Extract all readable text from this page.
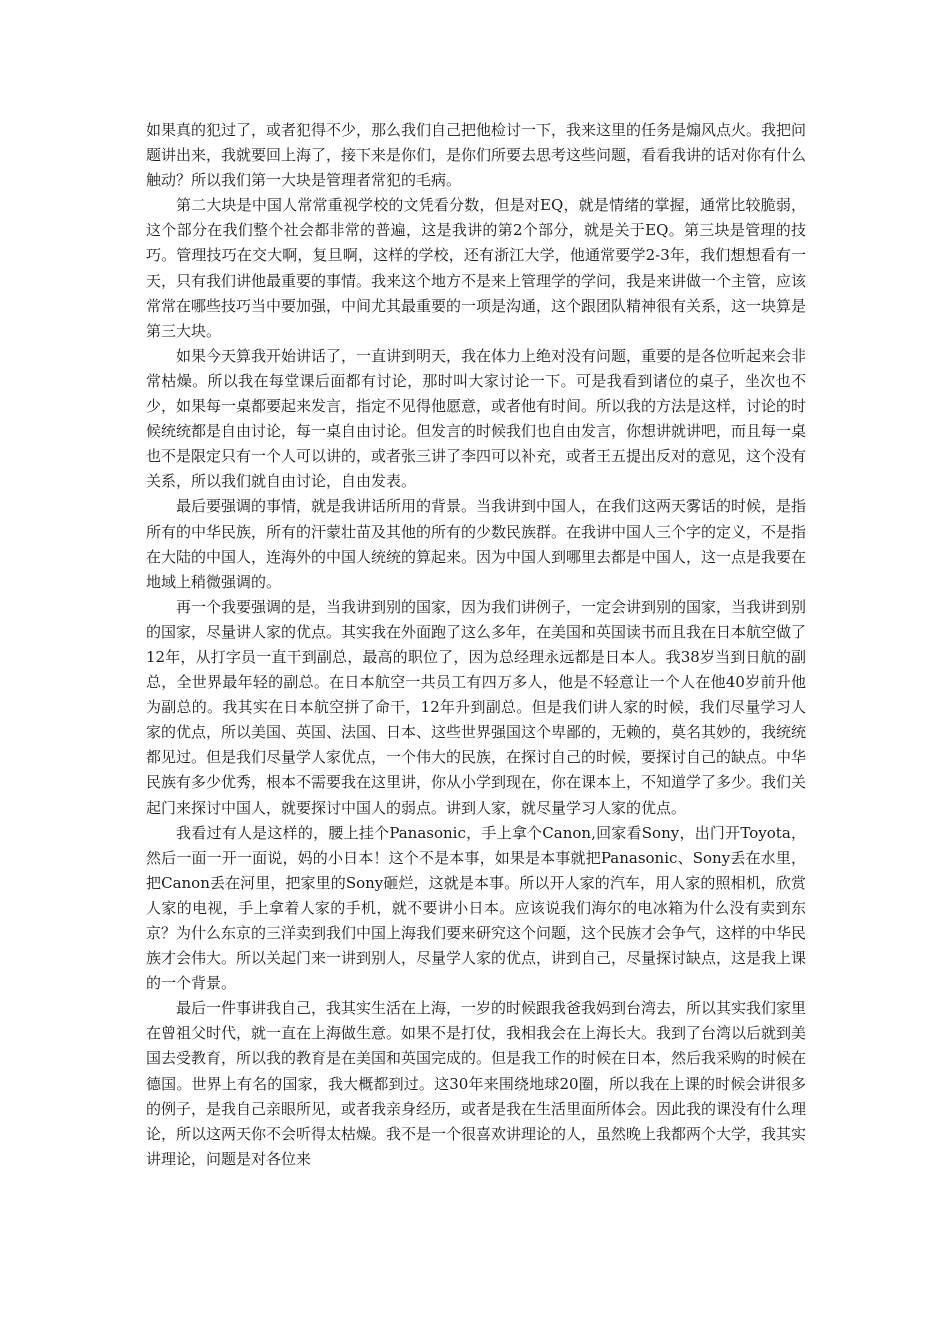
如果真的犯过了，或者犯得不少，那么我们自己把他检讨一下，我来这里的任务是煽风点火。我把问题讲出来，我就要回上海了，接下来是你们，是你们所要去思考这些问题，看看我讲的话对你有什么触动？所以我们第一大块是管理者常犯的毛病。

第二大块是中国人常常重视学校的文凭看分数，但是对EQ，就是情绪的掌握，通常比较脆弱，这个部分在我们整个社会都非常的普遍，这是我讲的第2个部分，就是关于EQ。第三块是管理的技巧。管理技巧在交大啊，复旦啊，这样的学校，还有浙江大学，他通常要学2-3年，我们想想看有一天，只有我们讲他最重要的事情。我来这个地方不是来上管理学的学问，我是来讲做一个主管，应该常常在哪些技巧当中要加强，中间尤其最重要的一项是沟通，这个跟团队精神很有关系，这一块算是第三大块。

如果今天算我开始讲话了，一直讲到明天，我在体力上绝对没有问题，重要的是各位听起来会非常枯燥。所以我在每堂课后面都有讨论，那时叫大家讨论一下。可是我看到诸位的桌子，坐次也不少，如果每一桌都要起来发言，指定不见得他愿意，或者他有时间。所以我的方法是这样，讨论的时候统统都是自由讨论，每一桌自由讨论。但发言的时候我们也自由发言，你想讲就讲吧，而且每一桌也不是限定只有一个人可以讲的，或者张三讲了李四可以补充，或者王五提出反对的意见，这个没有关系，所以我们就自由讨论，自由发表。

最后要强调的事情，就是我讲话所用的背景。当我讲到中国人，在我们这两天雾话的时候，是指所有的中华民族，所有的汗蒙壮苗及其他的所有的少数民族群。在我讲中国人三个字的定义，不是指在大陆的中国人，连海外的中国人统统的算起来。因为中国人到哪里去都是中国人，这一点是我要在地域上稍微强调的。

再一个我要强调的是，当我讲到别的国家，因为我们讲例子，一定会讲到别的国家，当我讲到别的国家，尽量讲人家的优点。其实我在外面跑了这么多年，在美国和英国读书而且我在日本航空做了12年，从打字员一直干到副总，最高的职位了，因为总经理永远都是日本人。我38岁当到日航的副总，全世界最年轻的副总。在日本航空一共员工有四万多人，他是不轻意让一个人在他40岁前升他为副总的。我其实在日本航空拼了命干，12年升到副总。但是我们讲人家的时候，我们尽量学习人家的优点，所以美国、英国、法国、日本、这些世界强国这个卑鄙的，无赖的，莫名其妙的，我统统都见过。但是我们尽量学人家优点，一个伟大的民族，在探讨自己的时候，要探讨自己的缺点。中华民族有多少优秀，根本不需要我在这里讲，你从小学到现在，你在课本上，不知道学了多少。我们关起门来探讨中国人，就要探讨中国人的弱点。讲到人家，就尽量学习人家的优点。

我看过有人是这样的，腰上挂个Panasonic，手上拿个Canon,回家看Sony，出门开Toyota，然后一面一开一面说，妈的小日本！这个不是本事，如果是本事就把Panasonic、Sony丢在水里，把Canon丢在河里，把家里的Sony砸烂，这就是本事。所以开人家的汽车，用人家的照相机，欣赏人家的电视，手上拿着人家的手机，就不要讲小日本。应该说我们海尔的电冰箱为什么没有卖到东京？为什么东京的三洋卖到我们中国上海我们要来研究这个问题，这个民族才会争气，这样的中华民族才会伟大。所以关起门来一讲到别人，尽量学人家的优点，讲到自己，尽量探讨缺点，这是我上课的一个背景。

最后一件事讲我自己，我其实生活在上海，一岁的时候跟我爸我妈到台湾去，所以其实我们家里在曾祖父时代，就一直在上海做生意。如果不是打仗，我相我会在上海长大。我到了台湾以后就到美国去受教育，所以我的教育是在美国和英国完成的。但是我工作的时候在日本，然后我采购的时候在德国。世界上有名的国家，我大概都到过。这30年来围绕地球20圈，所以我在上课的时候会讲很多的例子，是我自己亲眼所见，或者我亲身经历，或者是我在生活里面所体会。因此我的课没有什么理论，所以这两天你不会听得太枯燥。我不是一个很喜欢讲理论的人，虽然晚上我都两个大学，我其实讲理论，问题是对各位来
